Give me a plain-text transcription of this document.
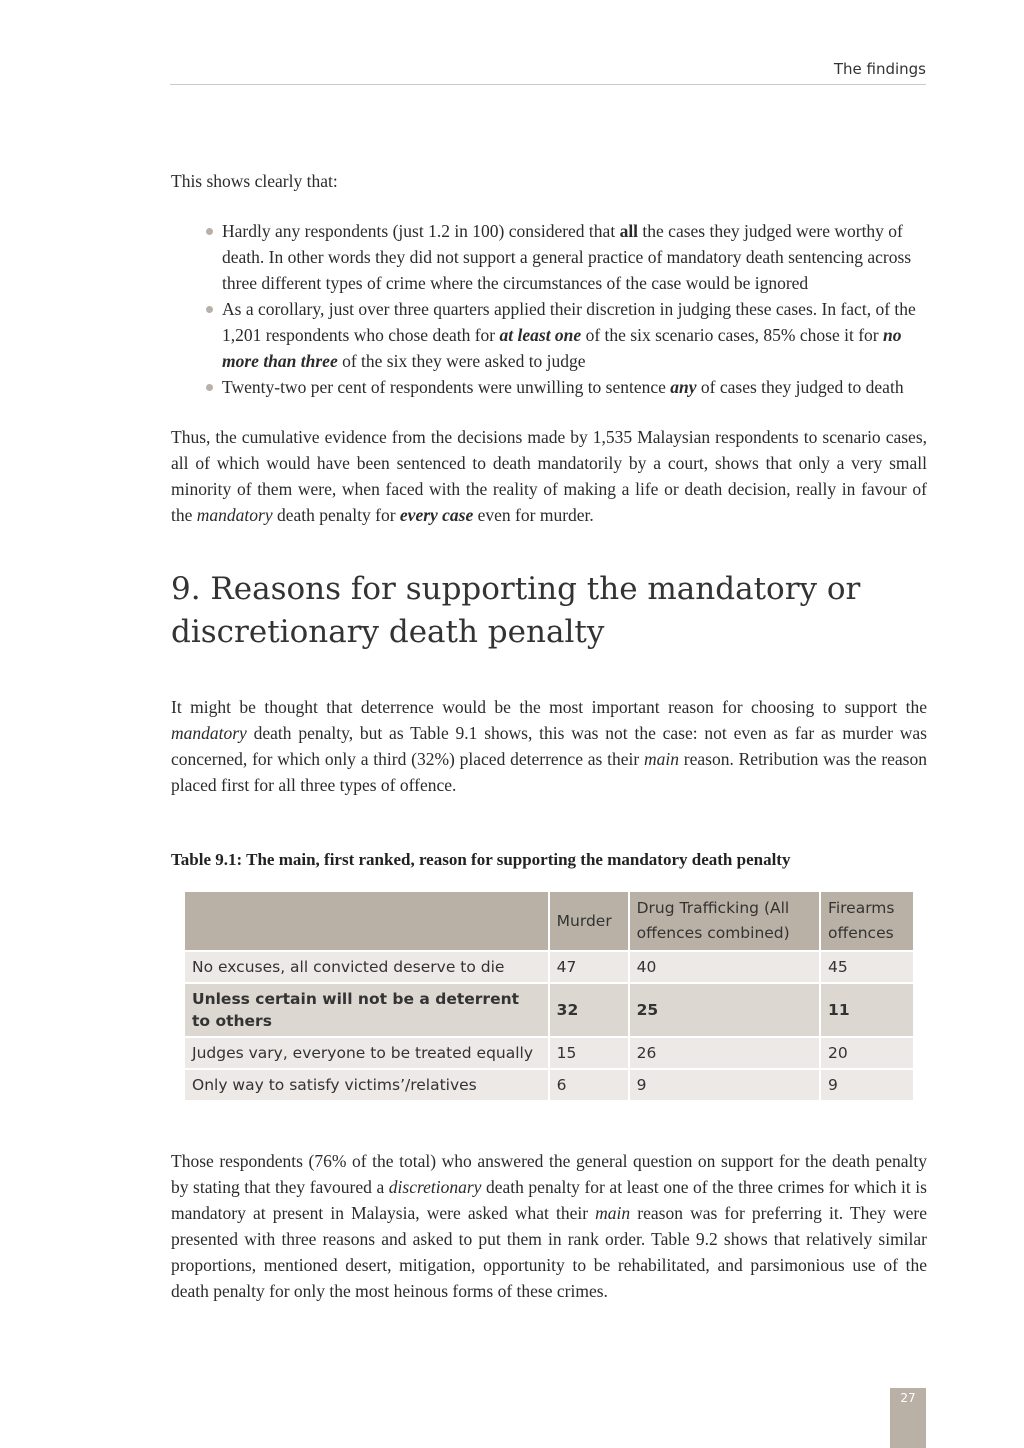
The findings

This shows clearly that:

Hardly any respondents (just 1.2 in 100) considered that all the cases they judged were worthy of death. In other words they did not support a general practice of mandatory death sentencing across three different types of crime where the circumstances of the case would be ignored
As a corollary, just over three quarters applied their discretion in judging these cases. In fact, of the 1,201 respondents who chose death for at least one of the six scenario cases, 85% chose it for no more than three of the six they were asked to judge
Twenty-two per cent of respondents were unwilling to sentence any of cases they judged to death

Thus, the cumulative evidence from the decisions made by 1,535 Malaysian respondents to scenario cases, all of which would have been sentenced to death mandatorily by a court, shows that only a very small minority of them were, when faced with the reality of making a life or death decision, really in favour of the mandatory death penalty for every case even for murder.

9. Reasons for supporting the mandatory or discretionary death penalty

It might be thought that deterrence would be the most important reason for choosing to support the mandatory death penalty, but as Table 9.1 shows, this was not the case: not even as far as murder was concerned, for which only a third (32%) placed deterrence as their main reason. Retribution was the reason placed first for all three types of offence.

Table 9.1: The main, first ranked, reason for supporting the mandatory death penalty
	Murder	Drug Trafficking (All offences combined)	Firearms offences
No excuses, all convicted deserve to die	47	40	45
Unless certain will not be a deterrent to others	32	25	11
Judges vary, everyone to be treated equally	15	26	20
Only way to satisfy victims’/relatives	6	9	9

Those respondents (76% of the total) who answered the general question on support for the death penalty by stating that they favoured a discretionary death penalty for at least one of the three crimes for which it is mandatory at present in Malaysia, were asked what their main reason was for preferring it. They were presented with three reasons and asked to put them in rank order. Table 9.2 shows that relatively similar proportions, mentioned desert, mitigation, opportunity to be rehabilitated, and parsimonious use of the death penalty for only the most heinous forms of these crimes.

27
